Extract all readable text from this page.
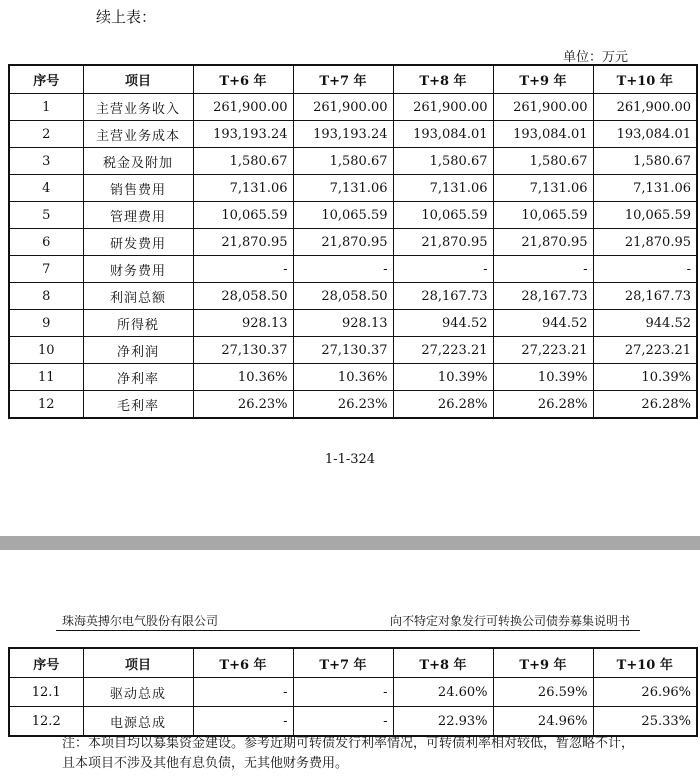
续上表：
单位：万元
序号	项目	T+6 年	T+7 年	T+8 年	T+9 年	T+10 年
1	主营业务收入	261,900.00	261,900.00	261,900.00	261,900.00	261,900.00
2	主营业务成本	193,193.24	193,193.24	193,084.01	193,084.01	193,084.01
3	税金及附加	1,580.67	1,580.67	1,580.67	1,580.67	1,580.67
4	销售费用	7,131.06	7,131.06	7,131.06	7,131.06	7,131.06
5	管理费用	10,065.59	10,065.59	10,065.59	10,065.59	10,065.59
6	研发费用	21,870.95	21,870.95	21,870.95	21,870.95	21,870.95
7	财务费用	-	-	-	-	-
8	利润总额	28,058.50	28,058.50	28,167.73	28,167.73	28,167.73
9	所得税	928.13	928.13	944.52	944.52	944.52
10	净利润	27,130.37	27,130.37	27,223.21	27,223.21	27,223.21
11	净利率	10.36%	10.36%	10.39%	10.39%	10.39%
12	毛利率	26.23%	26.23%	26.28%	26.28%	26.28%
1-1-324
珠海英搏尔电气股份有限公司	向不特定对象发行可转换公司债券募集说明书
序号	项目	T+6 年	T+7 年	T+8 年	T+9 年	T+10 年
12.1	驱动总成	-	-	24.60%	26.59%	26.96%
12.2	电源总成	-	-	22.93%	24.96%	25.33%
注：本项目均以募集资金建设。参考近期可转债发行利率情况，可转债利率相对较低，暂忽略不计，且本项目不涉及其他有息负债，无其他财务费用。
